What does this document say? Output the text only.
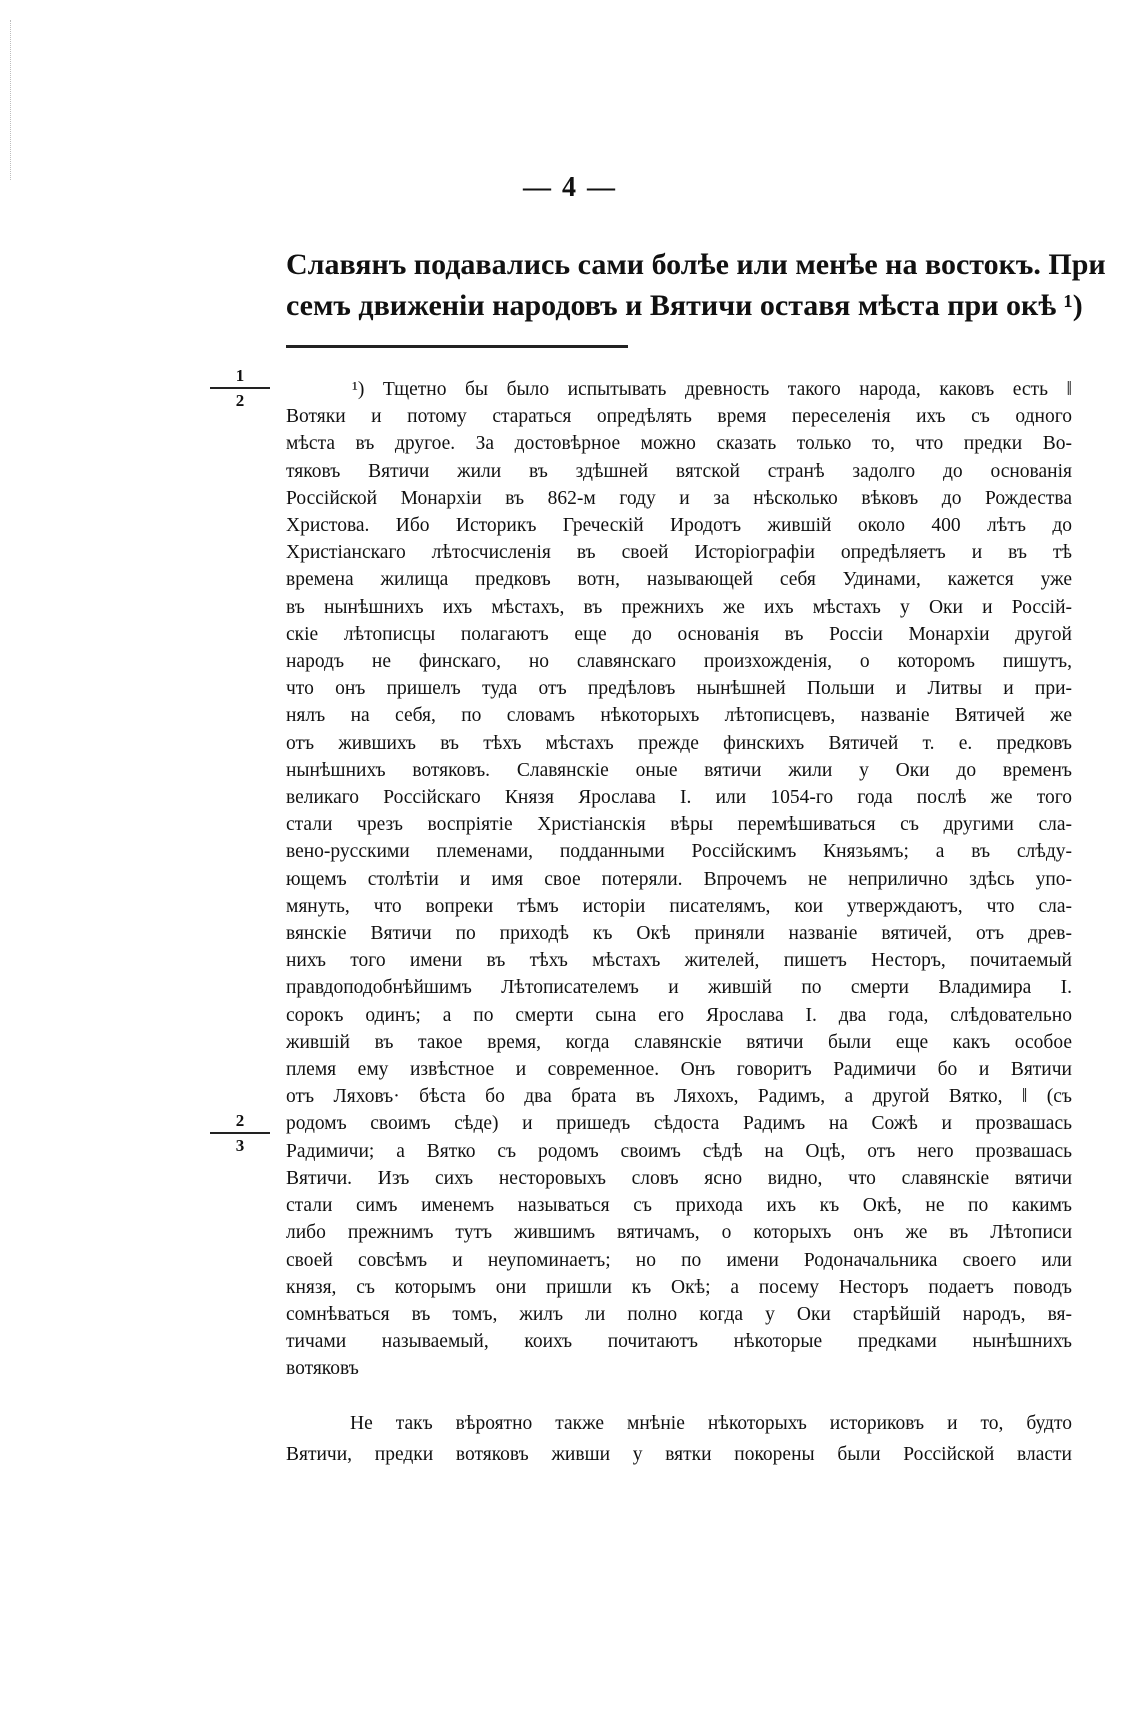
— 4 —

Славянъ подавались сами болѣе или менѣе на востокъ. При
семъ движеніи народовъ и Вятичи оставя мѣста при окѣ ¹)

1
2
2
3

¹) Тщетно бы было испытывать древность такого народа, каковъ есть ‖
Вотяки и потому стараться опредѣлять время переселенія ихъ съ одного
мѣста въ другое. За достовѣрное можно сказать только то, что предки Во-
тяковъ Вятичи жили въ здѣшней вятской странѣ задолго до основанія
Россійской Монархіи въ 862-м году и за нѣсколько вѣковъ до Рождества
Христова. Ибо Историкъ Греческій Иродотъ жившій около 400 лѣтъ до
Христіанскаго лѣтосчисленія въ своей Исторіографіи опредѣляетъ и въ тѣ
времена жилища предковъ вотн, называющей себя Удинами, кажется уже
въ нынѣшнихъ ихъ мѣстахъ, въ прежнихъ же ихъ мѣстахъ у Оки и Россій-
скіе лѣтописцы полагаютъ еще до основанія въ Россіи Монархіи другой
народъ не финскаго, но славянскаго произхожденія, о которомъ пишутъ,
что онъ пришелъ туда отъ предѣловъ нынѣшней Польши и Литвы и при-
нялъ на себя, по словамъ нѣкоторыхъ лѣтописцевъ, названіе Вятичей же
отъ жившихъ въ тѣхъ мѣстахъ прежде финскихъ Вятичей т. е. предковъ
нынѣшнихъ вотяковъ. Славянскіе оные вятичи жили у Оки до временъ
великаго Россійскаго Князя Ярослава I. или 1054-го года послѣ же того
стали чрезъ воспріятіе Христіанскія вѣры перемѣшиваться съ другими сла-
вено-русскими племенами, подданными Россійскимъ Князьямъ; а въ слѣду-
ющемъ столѣтіи и имя свое потеряли. Впрочемъ не неприлично здѣсь упо-
мянуть, что вопреки тѣмъ исторіи писателямъ, кои утверждаютъ, что сла-
вянскіе Вятичи по приходѣ къ Окѣ приняли названіе вятичей, отъ древ-
нихъ того имени въ тѣхъ мѣстахъ жителей, пишетъ Несторъ, почитаемый
правдоподобнѣйшимъ Лѣтописателемъ и жившій по смерти Владимира I.
сорокъ одинъ; а по смерти сына его Ярослава I. два года, слѣдовательно
жившій въ такое время, когда славянскіе вятичи были еще какъ особое
племя ему извѣстное и современное. Онъ говоритъ Радимичи бо и Вятичи
отъ Ляховъ· бѣста бо два брата въ Ляхохъ, Радимъ, а другой Вятко, ‖ (съ
родомъ своимъ сѣде) и пришедъ сѣдоста Радимъ на Сожѣ и прозвашась
Радимичи; а Вятко съ родомъ своимъ сѣдѣ на Оцѣ, отъ него прозвашась
Вятичи. Изъ сихъ несторовыхъ словъ ясно видно, что славянскіе вятичи
стали симъ именемъ называться съ прихода ихъ къ Окѣ, не по какимъ
либо прежнимъ тутъ жившимъ вятичамъ, о которыхъ онъ же въ Лѣтописи
своей совсѣмъ и неупоминаетъ; но по имени Родоначальника своего или
князя, съ которымъ они пришли къ Окѣ; а посему Несторъ подаетъ поводъ
сомнѣваться въ томъ, жилъ ли полно когда у Оки старѣйшій народъ, вя-
тичами называемый, коихъ почитаютъ нѣкоторые предками нынѣшнихъ
вотяковъ

Не такъ вѣроятно также мнѣніе нѣкоторыхъ историковъ и то, будто
Вятичи, предки вотяковъ живши у вятки покорены были Россійской власти
